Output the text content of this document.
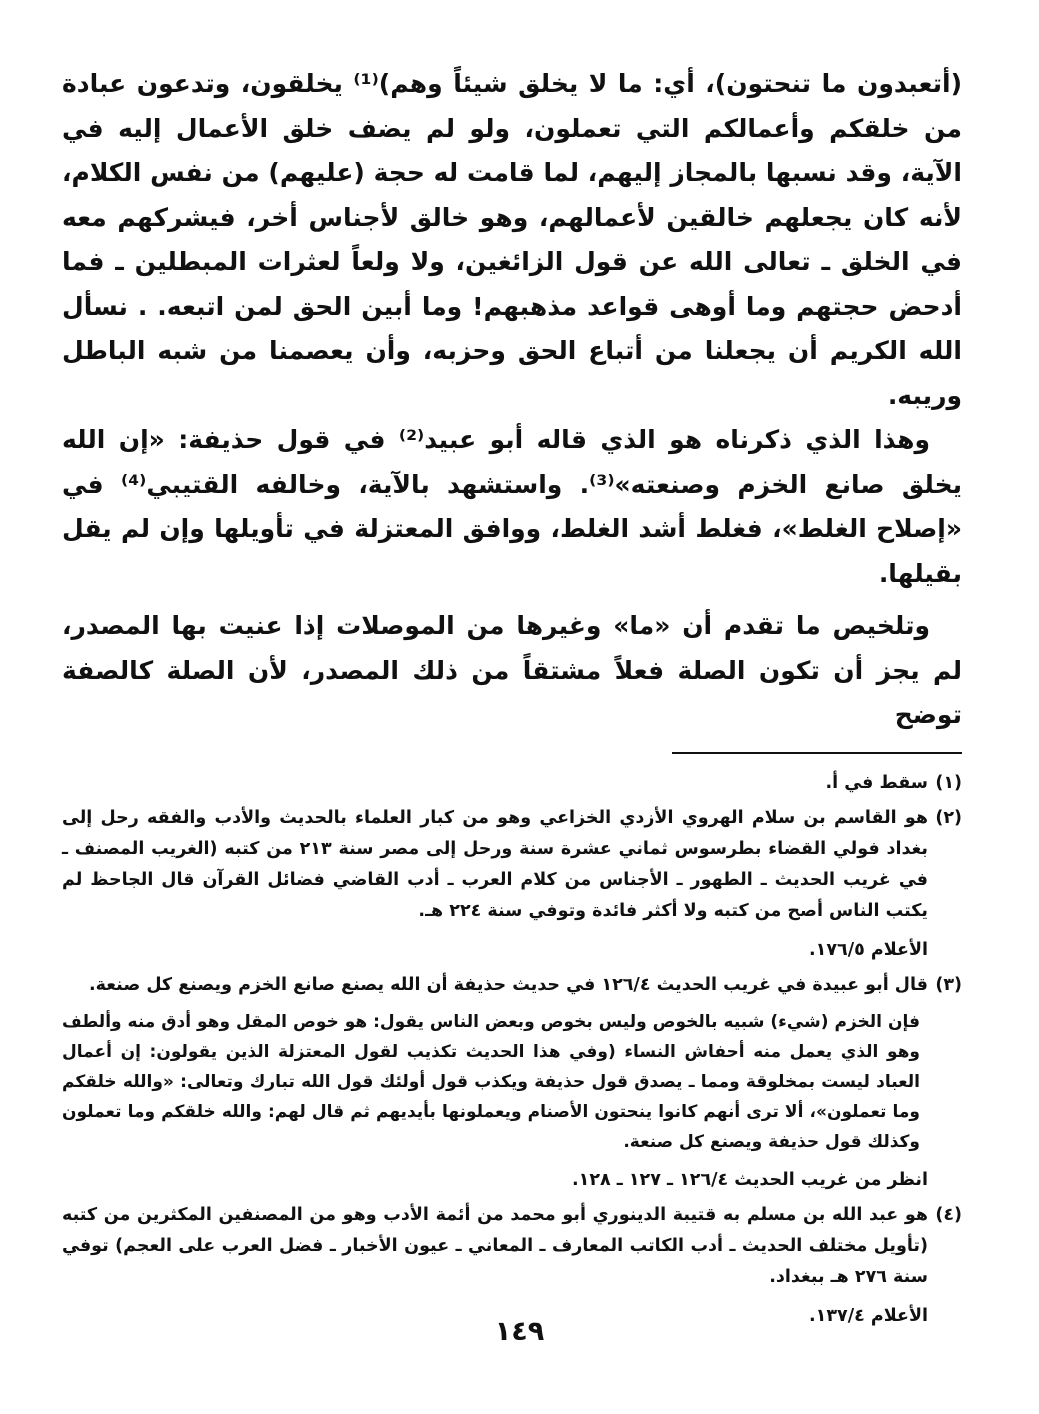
(أتعبدون ما تنحتون)، أي: ما لا يخلق شيئاً وهم)⁽¹⁾ يخلقون، وتدعون عبادة من خلقكم وأعمالكم التي تعملون، ولو لم يضف خلق الأعمال إليه في الآية، وقد نسبها بالمجاز إليهم، لما قامت له حجة (عليهم) من نفس الكلام، لأنه كان يجعلهم خالقين لأعمالهم، وهو خالق لأجناس أخر، فيشركهم معه في الخلق ـ تعالى الله عن قول الزائغين، ولا ولعاً لعثرات المبطلين ـ فما أدحض حجتهم وما أوهى قواعد مذهبهم! وما أبين الحق لمن اتبعه. . نسأل الله الكريم أن يجعلنا من أتباع الحق وحزبه، وأن يعصمنا من شبه الباطل وريبه.

وهذا الذي ذكرناه هو الذي قاله أبو عبيد⁽²⁾ في قول حذيفة: «إن الله يخلق صانع الخزم وصنعته»⁽³⁾. واستشهد بالآية، وخالفه القتيبي⁽⁴⁾ في «إصلاح الغلط»، فغلط أشد الغلط، ووافق المعتزلة في تأويلها وإن لم يقل بقيلها.

وتلخيص ما تقدم أن «ما» وغيرها من الموصلات إذا عنيت بها المصدر، لم يجز أن تكون الصلة فعلاً مشتقاً من ذلك المصدر، لأن الصلة كالصفة توضح

(١)

سقط في أ.

(٢)

هو القاسم بن سلام الهروي الأزدي الخزاعي وهو من كبار العلماء بالحديث والأدب والفقه رحل إلى بغداد فولي القضاء بطرسوس ثماني عشرة سنة ورحل إلى مصر سنة ٢١٣ من كتبه (الغريب المصنف ـ في غريب الحديث ـ الطهور ـ الأجناس من كلام العرب ـ أدب القاضي فضائل القرآن قال الجاحظ لم يكتب الناس أصح من كتبه ولا أكثر فائدة وتوفي سنة ٢٢٤ هـ.

الأعلام ١٧٦/٥.

(٣)

قال أبو عبيدة في غريب الحديث ١٢٦/٤ في حديث حذيفة أن الله يصنع صانع الخزم ويصنع كل صنعة.

فإن الخزم (شيء) شبيه بالخوص وليس بخوص وبعض الناس يقول: هو خوص المقل وهو أدق منه وألطف وهو الذي يعمل منه أحفاش النساء (وفي هذا الحديث تكذيب لقول المعتزلة الذين يقولون: إن أعمال العباد ليست بمخلوقة ومما ـ يصدق قول حذيفة ويكذب قول أولئك قول الله تبارك وتعالى: «والله خلقكم وما تعملون»، ألا ترى أنهم كانوا ينحتون الأصنام ويعملونها بأيديهم ثم قال لهم: والله خلقكم وما تعملون وكذلك قول حذيفة ويصنع كل صنعة.

انظر من غريب الحديث ١٢٦/٤ ـ ١٢٧ ـ ١٢٨.

(٤)

هو عبد الله بن مسلم به قتيبة الدينوري أبو محمد من أئمة الأدب وهو من المصنفين المكثرين من كتبه (تأويل مختلف الحديث ـ أدب الكاتب المعارف ـ المعاني ـ عيون الأخبار ـ فضل العرب على العجم) توفي سنة ٢٧٦ هـ ببغداد.

الأعلام ١٣٧/٤.

١٤٩
